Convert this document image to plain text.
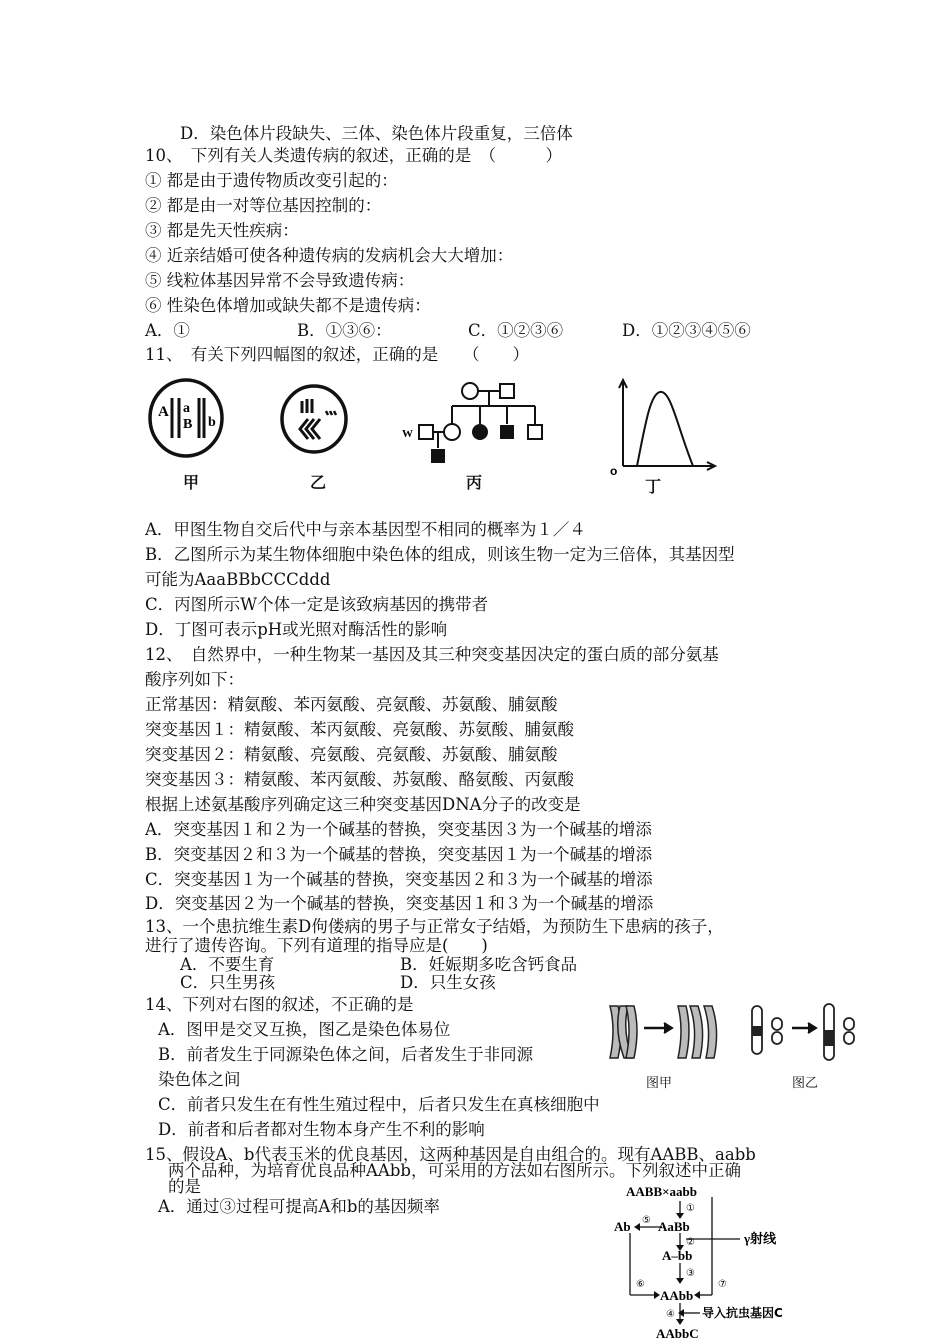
D．染色体片段缺失、三体、染色体片段重复，三倍体
10、　下列有关人类遗传病的叙述，正确的是　（　　　）
① 都是由于遗传物质改变引起的：
② 都是由一对等位基因控制的：
③ 都是先天性疾病：
④ 近亲结婚可使各种遗传病的发病机会大大增加：
⑤ 线粒体基因异常不会导致遗传病：
⑥ 性染色体增加或缺失都不是遗传病：
A．①	B．①③⑥：	C．①②③⑥	D．①②③④⑤⑥
11、　有关下列四幅图的叙述，正确的是　　（　　）
A a
B b
甲	乙
W
丙
o
丁
A．甲图生物自交后代中与亲本基因型不相同的概率为１／４
B．乙图所示为某生物体细胞中染色体的组成，则该生物一定为三倍体，其基因型
可能为AaaBBbCCCddd
C．丙图所示W个体一定是该致病基因的携带者
D．丁图可表示pH或光照对酶活性的影响
12、　自然界中，一种生物某一基因及其三种突变基因决定的蛋白质的部分氨基
酸序列如下：
正常基因：精氨酸、苯丙氨酸、亮氨酸、苏氨酸、脯氨酸
突变基因１：精氨酸、苯丙氨酸、亮氨酸、苏氨酸、脯氨酸
突变基因２：精氨酸、亮氨酸、亮氨酸、苏氨酸、脯氨酸
突变基因３：精氨酸、苯丙氨酸、苏氨酸、酪氨酸、丙氨酸
根据上述氨基酸序列确定这三种突变基因DNA分子的改变是
A．突变基因１和２为一个碱基的替换，突变基因３为一个碱基的增添
B．突变基因２和３为一个碱基的替换，突变基因１为一个碱基的增添
C．突变基因１为一个碱基的替换，突变基因２和３为一个碱基的增添
D．突变基因２为一个碱基的替换，突变基因１和３为一个碱基的增添
13、一个患抗维生素D佝偻病的男子与正常女子结婚，为预防生下患病的孩子，
进行了遗传咨询。下列有道理的指导应是(　　)
A．不要生育	B．妊娠期多吃含钙食品
C．只生男孩	D．只生女孩
14、下列对右图的叙述，不正确的是
A．图甲是交叉互换，图乙是染色体易位
B．前者发生于同源染色体之间，后者发生于非同源
染色体之间
C．前者只发生在有性生殖过程中，后者只发生在真核细胞中
D．前者和后者都对生物本身产生不利的影响
图甲	图乙
15、假设A、b代表玉米的优良基因，这两种基因是自由组合的。现有AABB、aabb
两个品种，为培育优良品种AAbb，可采用的方法如右图所示。下列叙述中正确
的是
A．通过③过程可提高A和b的基因频率
AABB×aabb
①
AaBb
Ab ⑤
②	γ射线
A–bb
③
⑥	⑦
AAbb
④ 导入抗虫基因C
AAbbC
